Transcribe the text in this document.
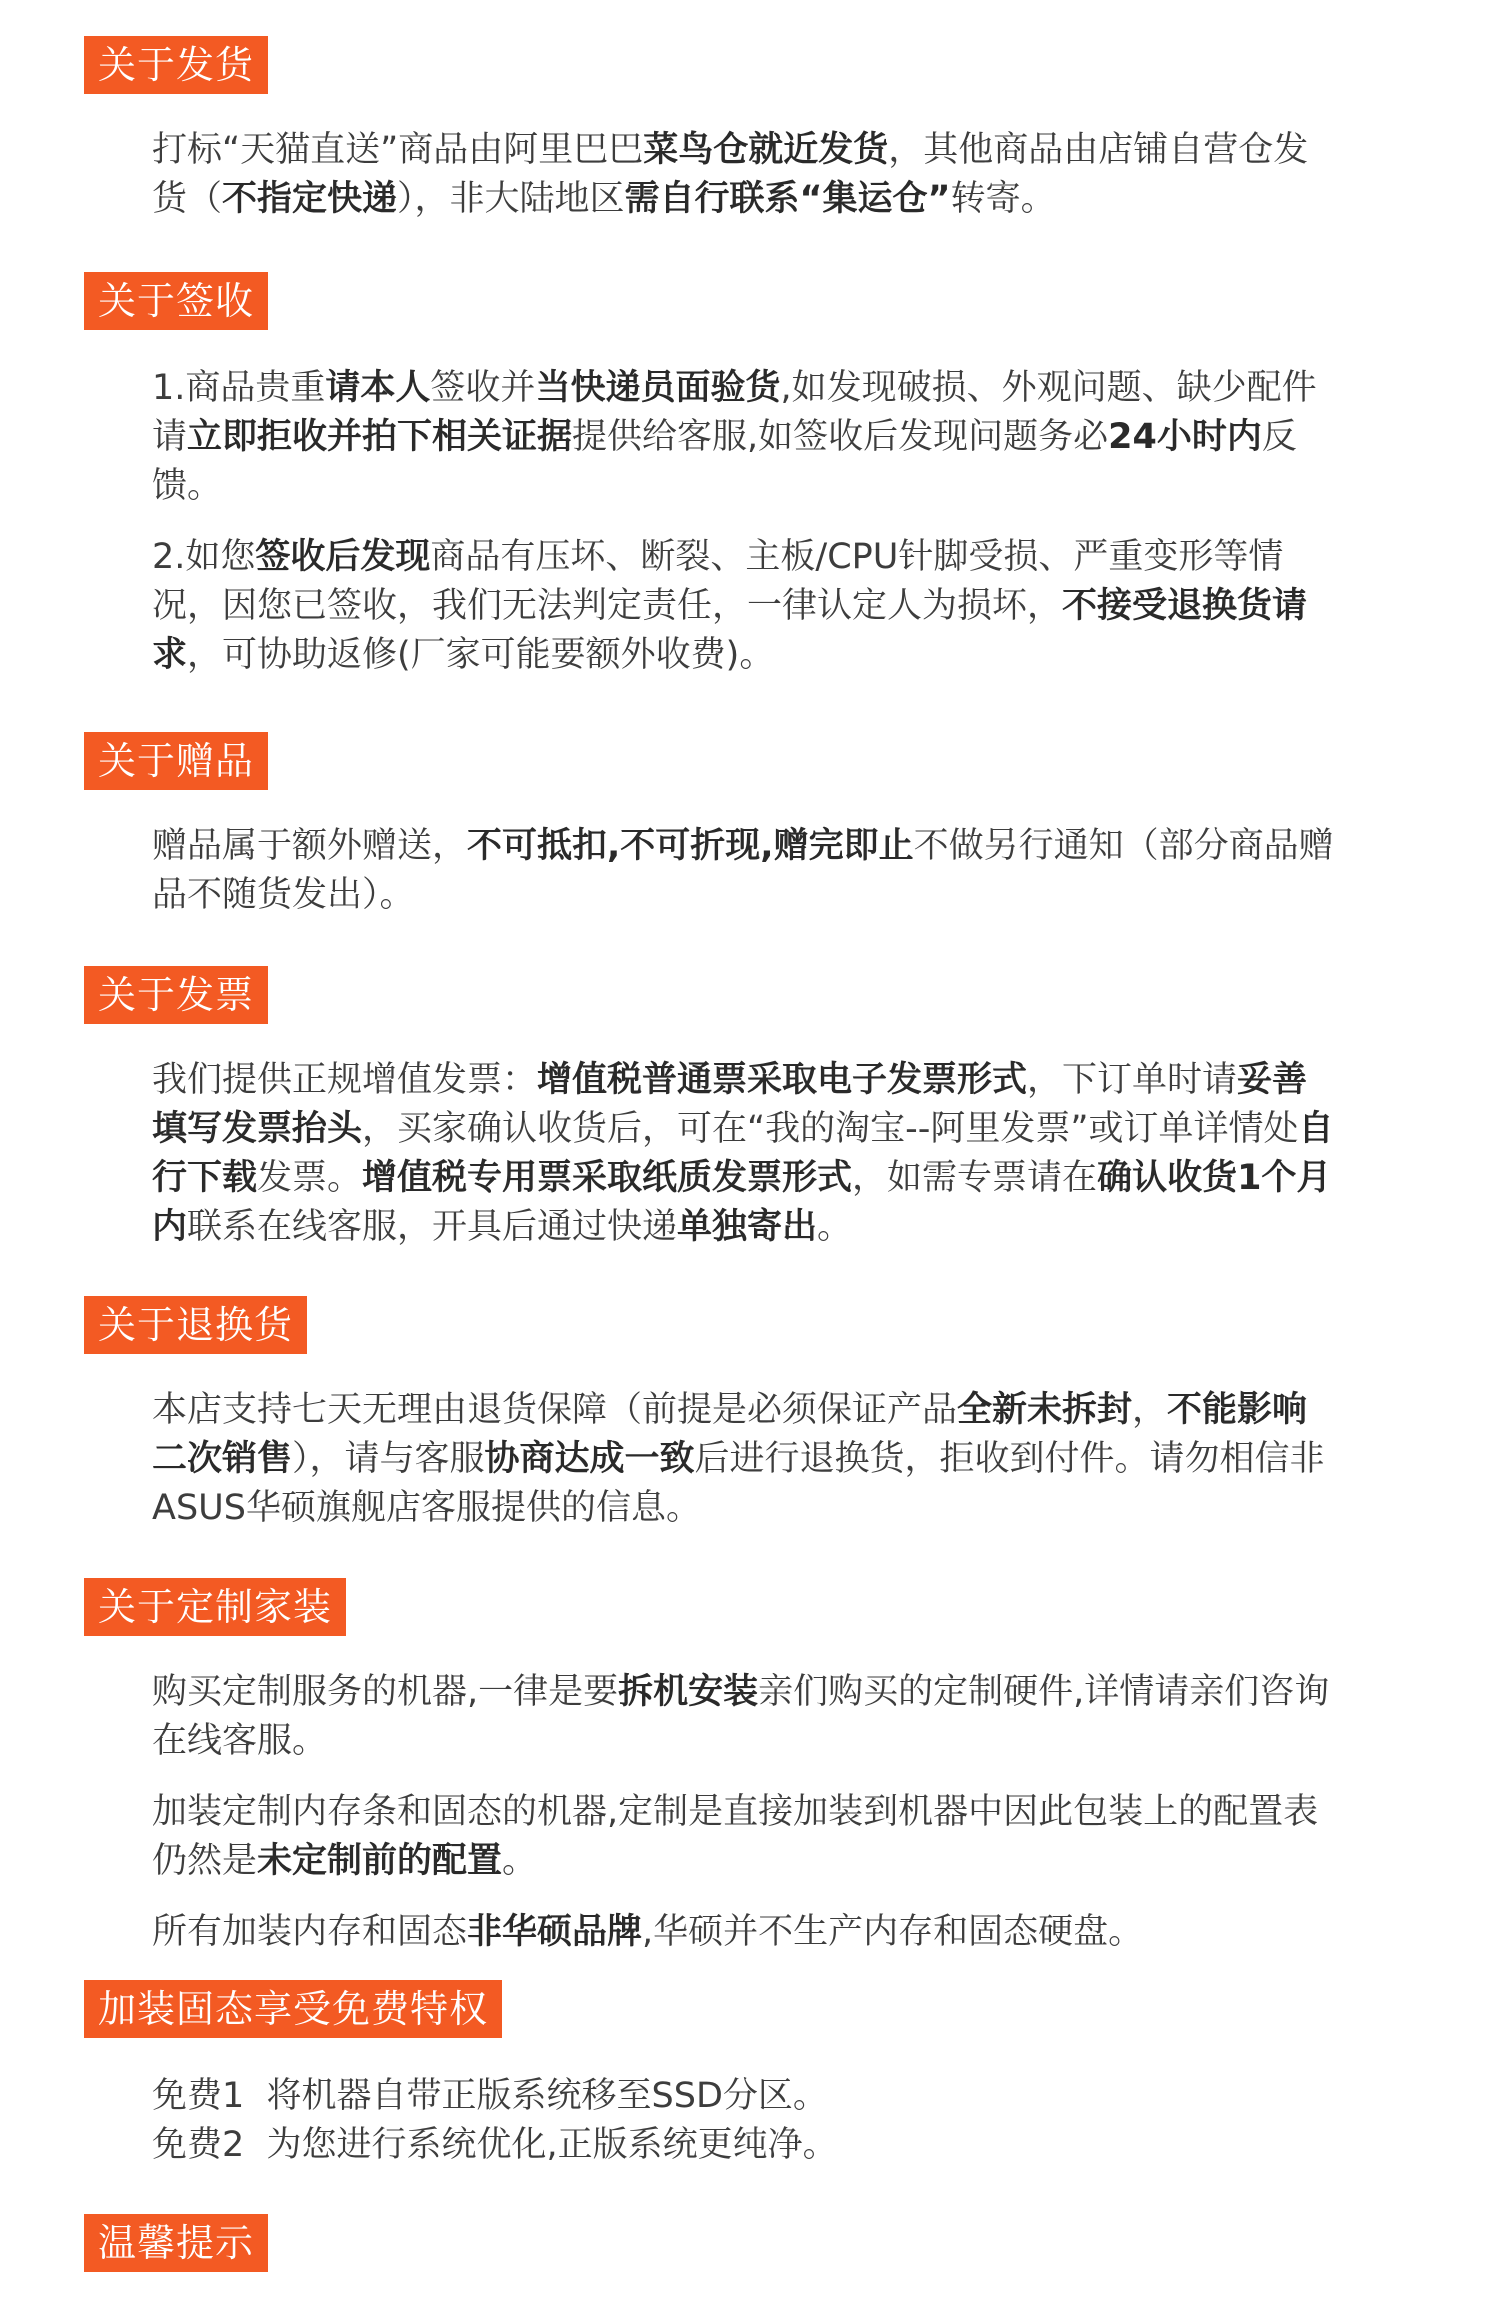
关于发货

打标“天猫直送”商品由阿里巴巴菜鸟仓就近发货，其他商品由店铺自营仓发货（不指定快递），非大陆地区需自行联系“集运仓”转寄。

关于签收

1.商品贵重请本人签收并当快递员面验货,如发现破损、外观问题、缺少配件请立即拒收并拍下相关证据提供给客服,如签收后发现问题务必24小时内反馈。

2.如您签收后发现商品有压坏、断裂、主板/CPU针脚受损、严重变形等情况，因您已签收，我们无法判定责任，一律认定人为损坏，不接受退换货请求，可协助返修(厂家可能要额外收费)。

关于赠品

赠品属于额外赠送，不可抵扣,不可折现,赠完即止不做另行通知（部分商品赠品不随货发出）。

关于发票

我们提供正规增值发票：增值税普通票采取电子发票形式，下订单时请妥善填写发票抬头，买家确认收货后，可在“我的淘宝--阿里发票”或订单详情处自行下载发票。增值税专用票采取纸质发票形式，如需专票请在确认收货1个月内联系在线客服，开具后通过快递单独寄出。

关于退换货

本店支持七天无理由退货保障（前提是必须保证产品全新未拆封，不能影响二次销售），请与客服协商达成一致后进行退换货，拒收到付件。请勿相信非ASUS华硕旗舰店客服提供的信息。

关于定制家装

购买定制服务的机器,一律是要拆机安装亲们购买的定制硬件,详情请亲们咨询在线客服。

加装定制内存条和固态的机器,定制是直接加装到机器中因此包装上的配置表仍然是未定制前的配置。

所有加装内存和固态非华硕品牌,华硕并不生产内存和固态硬盘。

加装固态享受免费特权

免费1  将机器自带正版系统移至SSD分区。

免费2  为您进行系统优化,正版系统更纯净。

温馨提示
